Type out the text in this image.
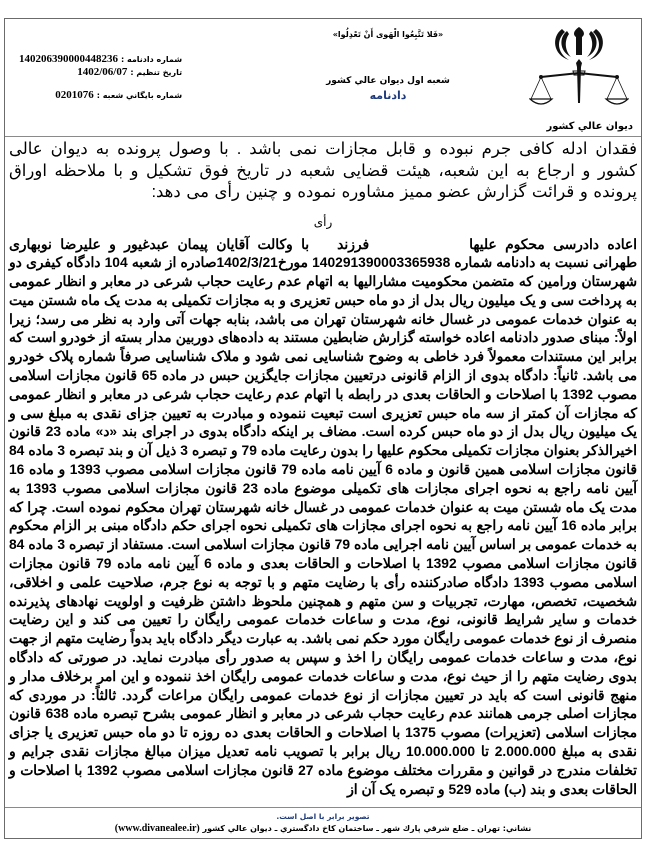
شماره دادنامه :
140206390000448236
تاريخ تنظيم :
1402/06/07
شماره بايگاني شعبه :
0201076
«فَلا تَتَّبِعُوا الْهَوى أَنْ تَعْدِلُوا»
شعبه اول ديوان عالي كشور
دادنامه
ديوان عالي كشور

فقدان ادله کافی جرم نبوده و قابل مجازات نمی باشد . با وصول پرونده به دیوان عالی کشور و ارجاع به این شعبه، هیئت قضایی شعبه در تاریخ فوق تشکیل و با ملاحظه اوراق پرونده و قرائت گزارش عضو ممیز مشاوره نموده و چنین رأی می دهد:

رأی

اعاده دادرسی محکوم علیهافرزندبا وکالت آقایان پیمان عبدغیور و علیرضا نوبهاری طهرانی نسبت به دادنامه شماره 140291390003365938 مورخ1402/3/21صادره از شعبه 104 دادگاه کیفری دو شهرستان ورامین که متضمن محکومیت مشارالیها به اتهام عدم رعایت حجاب شرعی در معابر و انظار عمومی به پرداخت سی و یک میلیون ریال بدل از دو ماه حبس تعزیری و به مجازات تکمیلی به مدت یک ماه شستن میت به عنوان خدمات عمومی در غسال خانه شهرستان تهران می باشد، بنابه جهات آتی وارد به نظر می رسد؛ زیرا اولاً: مبنای صدور دادنامه اعاده خواسته گزارش ضابطین مستند به داده‌های دوربین مدار بسته از خودرو است که برابر این مستندات معمولاً فرد خاطی به وضوح شناسایی نمی شود و ملاک شناسایی صرفاً شماره پلاک خودرو می باشد. ثانیاً: دادگاه بدوی از الزام قانونی درتعیین مجازات جایگزین حبس در ماده 65 قانون مجازات اسلامی مصوب 1392 با اصلاحات و الحاقات بعدی در رابطه با اتهام عدم رعایت حجاب شرعی در معابر و انظار عمومی که مجازات آن کمتر از سه ماه حبس تعزیری است تبعیت ننموده و مبادرت به تعیین جزای نقدی به مبلغ سی و یک میلیون ریال بدل از دو ماه حبس کرده است. مضاف بر اینکه دادگاه بدوی در اجرای بند «د» ماده 23 قانون اخیرالذکر بعنوان مجازات تکمیلی محکوم علیها را بدون رعایت ماده 79 و تبصره 3 ذیل آن و بند تبصره 3 ماده 84 قانون مجازات اسلامی همین قانون و ماده 6 آیین نامه ماده 79 قانون مجازات اسلامی مصوب 1393 و ماده 16 آیین نامه راجع به نحوه اجرای مجازات های تکمیلی موضوع ماده 23 قانون مجازات اسلامی مصوب 1393 به مدت یک ماه شستن میت به عنوان خدمات عمومی در غسال خانه شهرستان تهران محکوم نموده است. چرا که برابر ماده 16 آیین نامه راجع به نحوه اجرای مجازات های تکمیلی نحوه اجرای حکم دادگاه مبنی بر الزام محکوم به خدمات عمومی بر اساس آیین نامه اجرایی ماده 79 قانون مجازات اسلامی است. مستفاد از تبصره 3 ماده 84 قانون مجازات اسلامی مصوب 1392 با اصلاحات و الحاقات بعدی و ماده 6 آیین نامه ماده 79 قانون مجازات اسلامی مصوب 1393 دادگاه صادرکننده رأی با رضایت متهم و با توجه به نوع جرم، صلاحیت علمی و اخلاقی، شخصیت، تخصص، مهارت، تجربیات و سن متهم و همچنین ملحوظ داشتن ظرفیت و اولویت نهادهای پذیرنده خدمات و سایر شرایط قانونی، نوع، مدت و ساعات خدمات عمومی رایگان را تعیین می کند و این رضایت منصرف از نوع خدمات عمومی رایگان مورد حکم نمی باشد. به عبارت دیگر دادگاه باید بدواً رضایت متهم از جهت نوع، مدت و ساعات خدمات عمومی رایگان را اخذ و سپس به صدور رأی مبادرت نماید. در صورتی که دادگاه بدوی رضایت متهم را از حیث نوع، مدت و ساعات خدمات عمومی رایگان اخذ ننموده و این امر برخلاف مدار و منهج قانونی است که باید در تعیین مجازات از نوع خدمات عمومی رایگان مراعات گردد. ثالثاً: در موردی که مجازات اصلی جرمی همانند عدم رعایت حجاب شرعی در معابر و انظار عمومی بشرح تبصره ماده 638 قانون مجازات اسلامی (تعزیرات) مصوب 1375 با اصلاحات و الحاقات بعدی ده روزه تا دو ماه حبس تعزیری یا جزای نقدی به مبلغ 2.000.000 تا 10.000.000 ریال برابر با تصویب نامه تعدیل میزان مبالغ مجازات نقدی جرایم و تخلفات مندرج در قوانین و مقررات مختلف موضوع ماده 27 قانون مجازات اسلامی مصوب 1392 با اصلاحات و الحاقات بعدی و بند (ب) ماده 529 و تبصره یک آن از

تصوير برابر با اصل است.
نشاني: تهران ـ ضلع شرقي پارك شهر ـ ساختمان كاخ دادگستري ـ ديوان عالي كشور (www.divanealee.ir)
